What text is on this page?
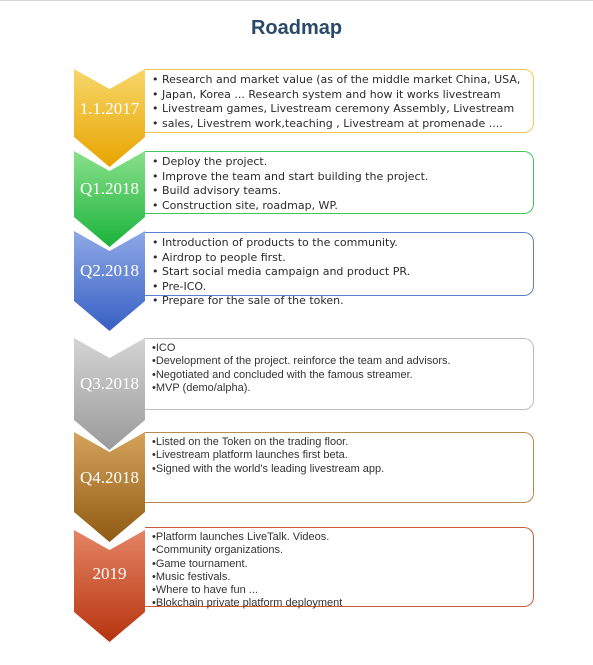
Roadmap
1.1.2017
• Research and market value (as of the middle market China, USA,
• Japan, Korea ... Research system and how it works livestream
• Livestream games, Livestream ceremony Assembly, Livestream
• sales, Livestrem work,teaching , Livestream at promenade ....
Q1.2018
• Deploy the project.
• Improve the team and start building the project.
• Build advisory teams.
• Construction site, roadmap, WP.
Q2.2018
• Introduction of products to the community.
• Airdrop to people first.
• Start social media campaign and product PR.
• Pre-ICO.
• Prepare for the sale of the token.
Q3.2018
• ICO
• Development of the project. reinforce the team and advisors.
• Negotiated and concluded with the famous streamer.
• MVP (demo/alpha).
Q4.2018
• Listed on the Token on the trading floor.
• Livestream platform launches first beta.
• Signed with the world's leading livestream app.
2019
• Platform launches LiveTalk. Videos.
• Community organizations.
• Game tournament.
• Music festivals.
• Where to have fun ...
• Blokchain private platform deployment
